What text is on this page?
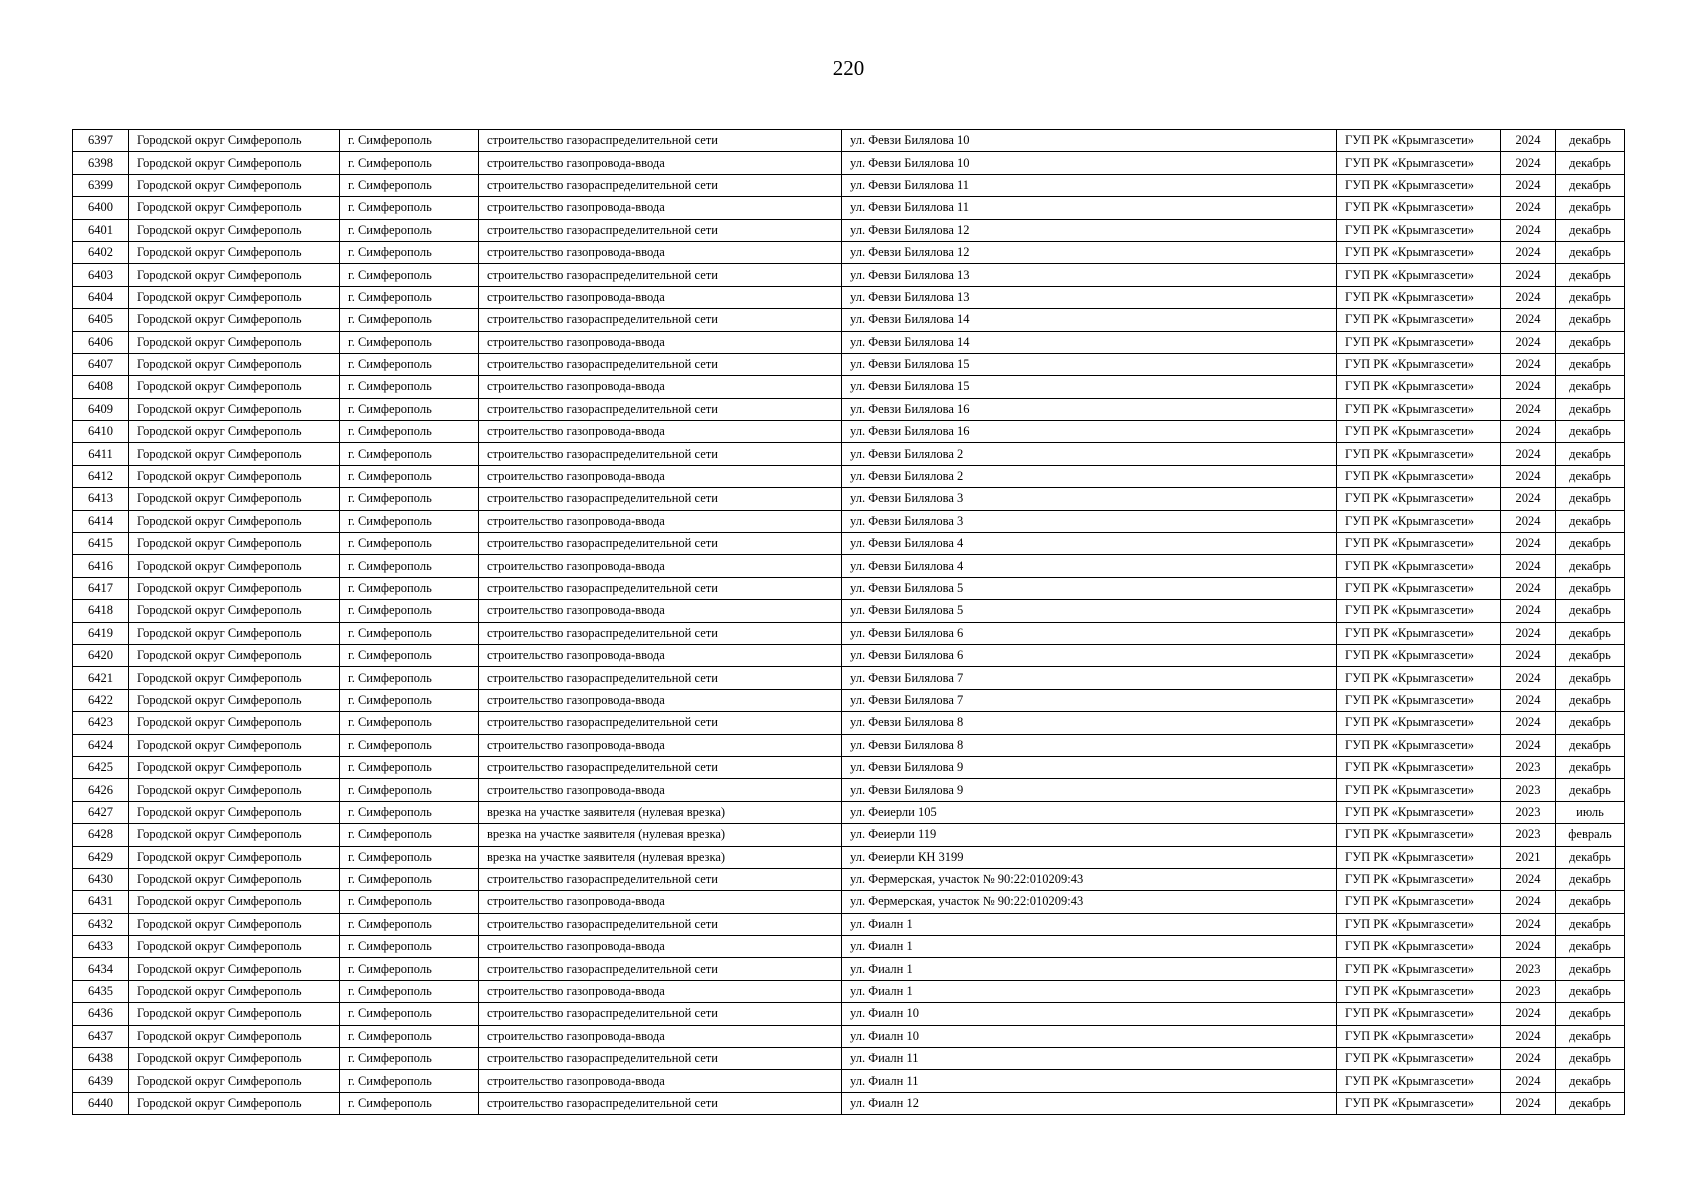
220
6397	Городской округ Симферополь	г. Симферополь	строительство газораспределительной сети	ул. Февзи Билялова 10	ГУП РК «Крымгазсети»	2024	декабрь
6398	Городской округ Симферополь	г. Симферополь	строительство газопровода-ввода	ул. Февзи Билялова 10	ГУП РК «Крымгазсети»	2024	декабрь
6399	Городской округ Симферополь	г. Симферополь	строительство газораспределительной сети	ул. Февзи Билялова 11	ГУП РК «Крымгазсети»	2024	декабрь
6400	Городской округ Симферополь	г. Симферополь	строительство газопровода-ввода	ул. Февзи Билялова 11	ГУП РК «Крымгазсети»	2024	декабрь
6401	Городской округ Симферополь	г. Симферополь	строительство газораспределительной сети	ул. Февзи Билялова 12	ГУП РК «Крымгазсети»	2024	декабрь
6402	Городской округ Симферополь	г. Симферополь	строительство газопровода-ввода	ул. Февзи Билялова 12	ГУП РК «Крымгазсети»	2024	декабрь
6403	Городской округ Симферополь	г. Симферополь	строительство газораспределительной сети	ул. Февзи Билялова 13	ГУП РК «Крымгазсети»	2024	декабрь
6404	Городской округ Симферополь	г. Симферополь	строительство газопровода-ввода	ул. Февзи Билялова 13	ГУП РК «Крымгазсети»	2024	декабрь
6405	Городской округ Симферополь	г. Симферополь	строительство газораспределительной сети	ул. Февзи Билялова 14	ГУП РК «Крымгазсети»	2024	декабрь
6406	Городской округ Симферополь	г. Симферополь	строительство газопровода-ввода	ул. Февзи Билялова 14	ГУП РК «Крымгазсети»	2024	декабрь
6407	Городской округ Симферополь	г. Симферополь	строительство газораспределительной сети	ул. Февзи Билялова 15	ГУП РК «Крымгазсети»	2024	декабрь
6408	Городской округ Симферополь	г. Симферополь	строительство газопровода-ввода	ул. Февзи Билялова 15	ГУП РК «Крымгазсети»	2024	декабрь
6409	Городской округ Симферополь	г. Симферополь	строительство газораспределительной сети	ул. Февзи Билялова 16	ГУП РК «Крымгазсети»	2024	декабрь
6410	Городской округ Симферополь	г. Симферополь	строительство газопровода-ввода	ул. Февзи Билялова 16	ГУП РК «Крымгазсети»	2024	декабрь
6411	Городской округ Симферополь	г. Симферополь	строительство газораспределительной сети	ул. Февзи Билялова 2	ГУП РК «Крымгазсети»	2024	декабрь
6412	Городской округ Симферополь	г. Симферополь	строительство газопровода-ввода	ул. Февзи Билялова 2	ГУП РК «Крымгазсети»	2024	декабрь
6413	Городской округ Симферополь	г. Симферополь	строительство газораспределительной сети	ул. Февзи Билялова 3	ГУП РК «Крымгазсети»	2024	декабрь
6414	Городской округ Симферополь	г. Симферополь	строительство газопровода-ввода	ул. Февзи Билялова 3	ГУП РК «Крымгазсети»	2024	декабрь
6415	Городской округ Симферополь	г. Симферополь	строительство газораспределительной сети	ул. Февзи Билялова 4	ГУП РК «Крымгазсети»	2024	декабрь
6416	Городской округ Симферополь	г. Симферополь	строительство газопровода-ввода	ул. Февзи Билялова 4	ГУП РК «Крымгазсети»	2024	декабрь
6417	Городской округ Симферополь	г. Симферополь	строительство газораспределительной сети	ул. Февзи Билялова 5	ГУП РК «Крымгазсети»	2024	декабрь
6418	Городской округ Симферополь	г. Симферополь	строительство газопровода-ввода	ул. Февзи Билялова 5	ГУП РК «Крымгазсети»	2024	декабрь
6419	Городской округ Симферополь	г. Симферополь	строительство газораспределительной сети	ул. Февзи Билялова 6	ГУП РК «Крымгазсети»	2024	декабрь
6420	Городской округ Симферополь	г. Симферополь	строительство газопровода-ввода	ул. Февзи Билялова 6	ГУП РК «Крымгазсети»	2024	декабрь
6421	Городской округ Симферополь	г. Симферополь	строительство газораспределительной сети	ул. Февзи Билялова 7	ГУП РК «Крымгазсети»	2024	декабрь
6422	Городской округ Симферополь	г. Симферополь	строительство газопровода-ввода	ул. Февзи Билялова 7	ГУП РК «Крымгазсети»	2024	декабрь
6423	Городской округ Симферополь	г. Симферополь	строительство газораспределительной сети	ул. Февзи Билялова 8	ГУП РК «Крымгазсети»	2024	декабрь
6424	Городской округ Симферополь	г. Симферополь	строительство газопровода-ввода	ул. Февзи Билялова 8	ГУП РК «Крымгазсети»	2024	декабрь
6425	Городской округ Симферополь	г. Симферополь	строительство газораспределительной сети	ул. Февзи Билялова 9	ГУП РК «Крымгазсети»	2023	декабрь
6426	Городской округ Симферополь	г. Симферополь	строительство газопровода-ввода	ул. Февзи Билялова 9	ГУП РК «Крымгазсети»	2023	декабрь
6427	Городской округ Симферополь	г. Симферополь	врезка на участке заявителя (нулевая врезка)	ул. Феиерли 105	ГУП РК «Крымгазсети»	2023	июль
6428	Городской округ Симферополь	г. Симферополь	врезка на участке заявителя (нулевая врезка)	ул. Феиерли 119	ГУП РК «Крымгазсети»	2023	февраль
6429	Городской округ Симферополь	г. Симферополь	врезка на участке заявителя (нулевая врезка)	ул. Феиерли КН 3199	ГУП РК «Крымгазсети»	2021	декабрь
6430	Городской округ Симферополь	г. Симферополь	строительство газораспределительной сети	ул. Фермерская, участок № 90:22:010209:43	ГУП РК «Крымгазсети»	2024	декабрь
6431	Городской округ Симферополь	г. Симферополь	строительство газопровода-ввода	ул. Фермерская, участок № 90:22:010209:43	ГУП РК «Крымгазсети»	2024	декабрь
6432	Городской округ Симферополь	г. Симферополь	строительство газораспределительной сети	ул. Фиалн 1	ГУП РК «Крымгазсети»	2024	декабрь
6433	Городской округ Симферополь	г. Симферополь	строительство газопровода-ввода	ул. Фиалн 1	ГУП РК «Крымгазсети»	2024	декабрь
6434	Городской округ Симферополь	г. Симферополь	строительство газораспределительной сети	ул. Фиалн 1	ГУП РК «Крымгазсети»	2023	декабрь
6435	Городской округ Симферополь	г. Симферополь	строительство газопровода-ввода	ул. Фиалн 1	ГУП РК «Крымгазсети»	2023	декабрь
6436	Городской округ Симферополь	г. Симферополь	строительство газораспределительной сети	ул. Фиалн 10	ГУП РК «Крымгазсети»	2024	декабрь
6437	Городской округ Симферополь	г. Симферополь	строительство газопровода-ввода	ул. Фиалн 10	ГУП РК «Крымгазсети»	2024	декабрь
6438	Городской округ Симферополь	г. Симферополь	строительство газораспределительной сети	ул. Фиалн 11	ГУП РК «Крымгазсети»	2024	декабрь
6439	Городской округ Симферополь	г. Симферополь	строительство газопровода-ввода	ул. Фиалн 11	ГУП РК «Крымгазсети»	2024	декабрь
6440	Городской округ Симферополь	г. Симферополь	строительство газораспределительной сети	ул. Фиалн 12	ГУП РК «Крымгазсети»	2024	декабрь
